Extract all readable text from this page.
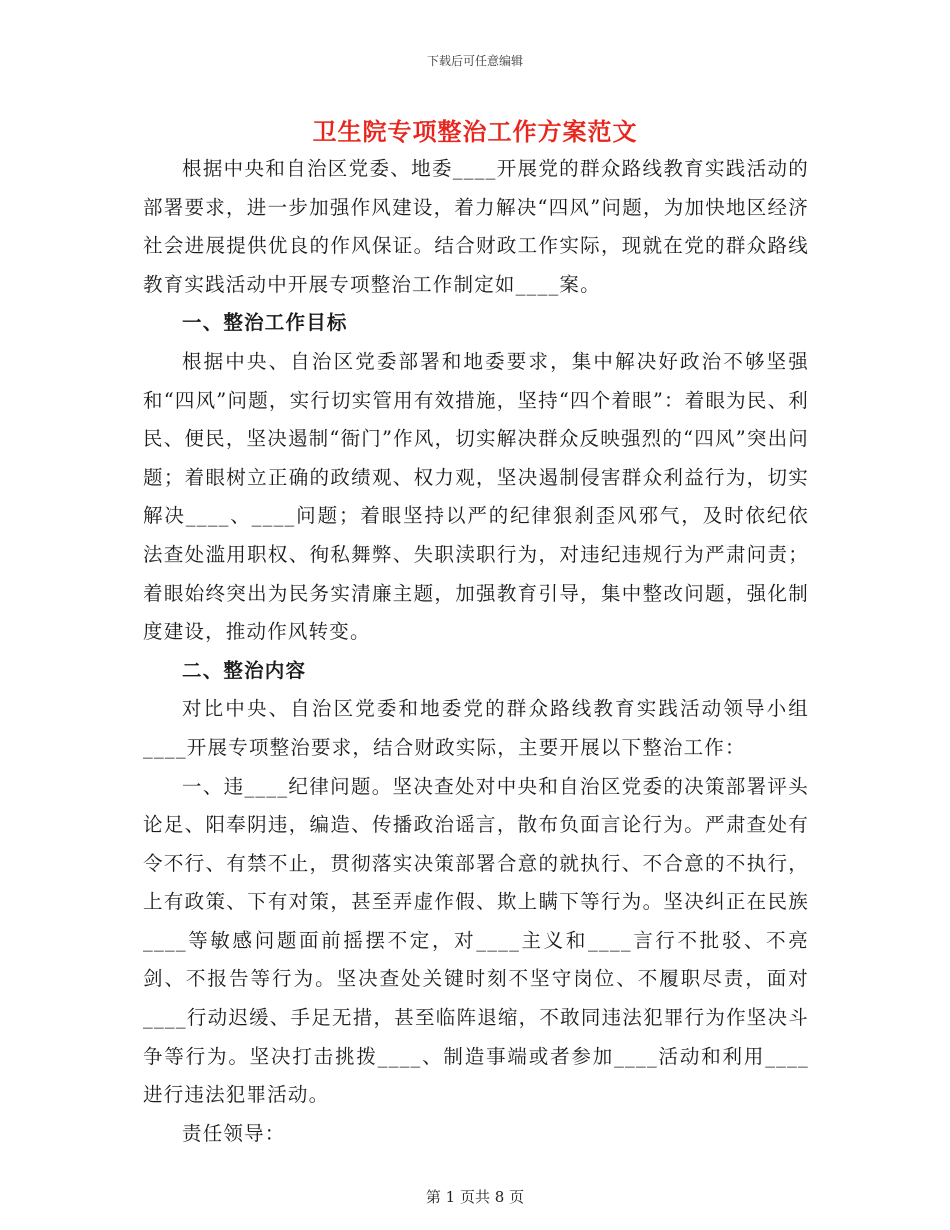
下载后可任意编辑
卫生院专项整治工作方案范文

根据中央和自治区党委、地委____开展党的群众路线教育实践活动的部署要求，进一步加强作风建设，着力解决“四风”问题，为加快地区经济社会进展提供优良的作风保证。结合财政工作实际，现就在党的群众路线教育实践活动中开展专项整治工作制定如____案。

一、整治工作目标

根据中央、自治区党委部署和地委要求，集中解决好政治不够坚强和“四风”问题，实行切实管用有效措施，坚持“四个着眼”：着眼为民、利民、便民，坚决遏制“衙门”作风，切实解决群众反映强烈的“四风”突出问题；着眼树立正确的政绩观、权力观，坚决遏制侵害群众利益行为，切实解决____、____问题；着眼坚持以严的纪律狠刹歪风邪气，及时依纪依法查处滥用职权、徇私舞弊、失职渎职行为，对违纪违规行为严肃问责；着眼始终突出为民务实清廉主题，加强教育引导，集中整改问题，强化制度建设，推动作风转变。

二、整治内容

对比中央、自治区党委和地委党的群众路线教育实践活动领导小组____开展专项整治要求，结合财政实际，主要开展以下整治工作：

一、违____纪律问题。坚决查处对中央和自治区党委的决策部署评头论足、阳奉阴违，编造、传播政治谣言，散布负面言论行为。严肃查处有令不行、有禁不止，贯彻落实决策部署合意的就执行、不合意的不执行，上有政策、下有对策，甚至弄虚作假、欺上瞒下等行为。坚决纠正在民族____等敏感问题面前摇摆不定，对____主义和____言行不批驳、不亮剑、不报告等行为。坚决查处关键时刻不坚守岗位、不履职尽责，面对____行动迟缓、手足无措，甚至临阵退缩，不敢同违法犯罪行为作坚决斗争等行为。坚决打击挑拨____、制造事端或者参加____活动和利用____进行违法犯罪活动。

责任领导：

第 1 页共 8 页
